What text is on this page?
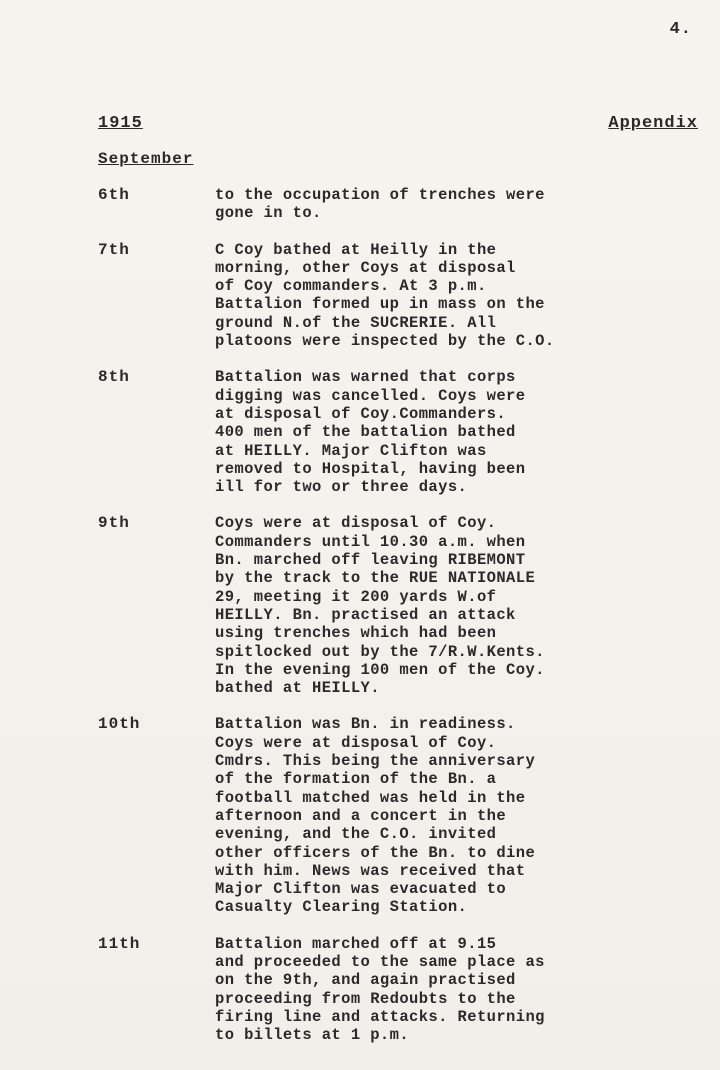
4.
1915	Appendix
September
6th	to the occupation of trenches were
gone in to.
7th	C Coy bathed at Heilly in the
morning, other Coys at disposal
of Coy commanders. At 3 p.m.
Battalion formed up in mass on the
ground N.of the SUCRERIE. All
platoons were inspected by the C.O.
8th	Battalion was warned that corps
digging was cancelled. Coys were
at disposal of Coy.Commanders.
400 men of the battalion bathed
at HEILLY. Major Clifton was
removed to Hospital, having been
ill for two or three days.
9th	Coys were at disposal of Coy.
Commanders until 10.30 a.m. when
Bn. marched off leaving RIBEMONT
by the track to the RUE NATIONALE
29, meeting it 200 yards W.of
HEILLY. Bn. practised an attack
using trenches which had been
spitlocked out by the 7/R.W.Kents.
In the evening 100 men of the Coy.
bathed at HEILLY.
10th	Battalion was Bn. in readiness.
Coys were at disposal of Coy.
Cmdrs. This being the anniversary
of the formation of the Bn. a
football matched was held in the
afternoon and a concert in the
evening, and the C.O. invited
other officers of the Bn. to dine
with him. News was received that
Major Clifton was evacuated to
Casualty Clearing Station.
11th	Battalion marched off at 9.15
and proceeded to the same place as
on the 9th, and again practised
proceeding from Redoubts to the
firing line and attacks. Returning
to billets at 1 p.m.
